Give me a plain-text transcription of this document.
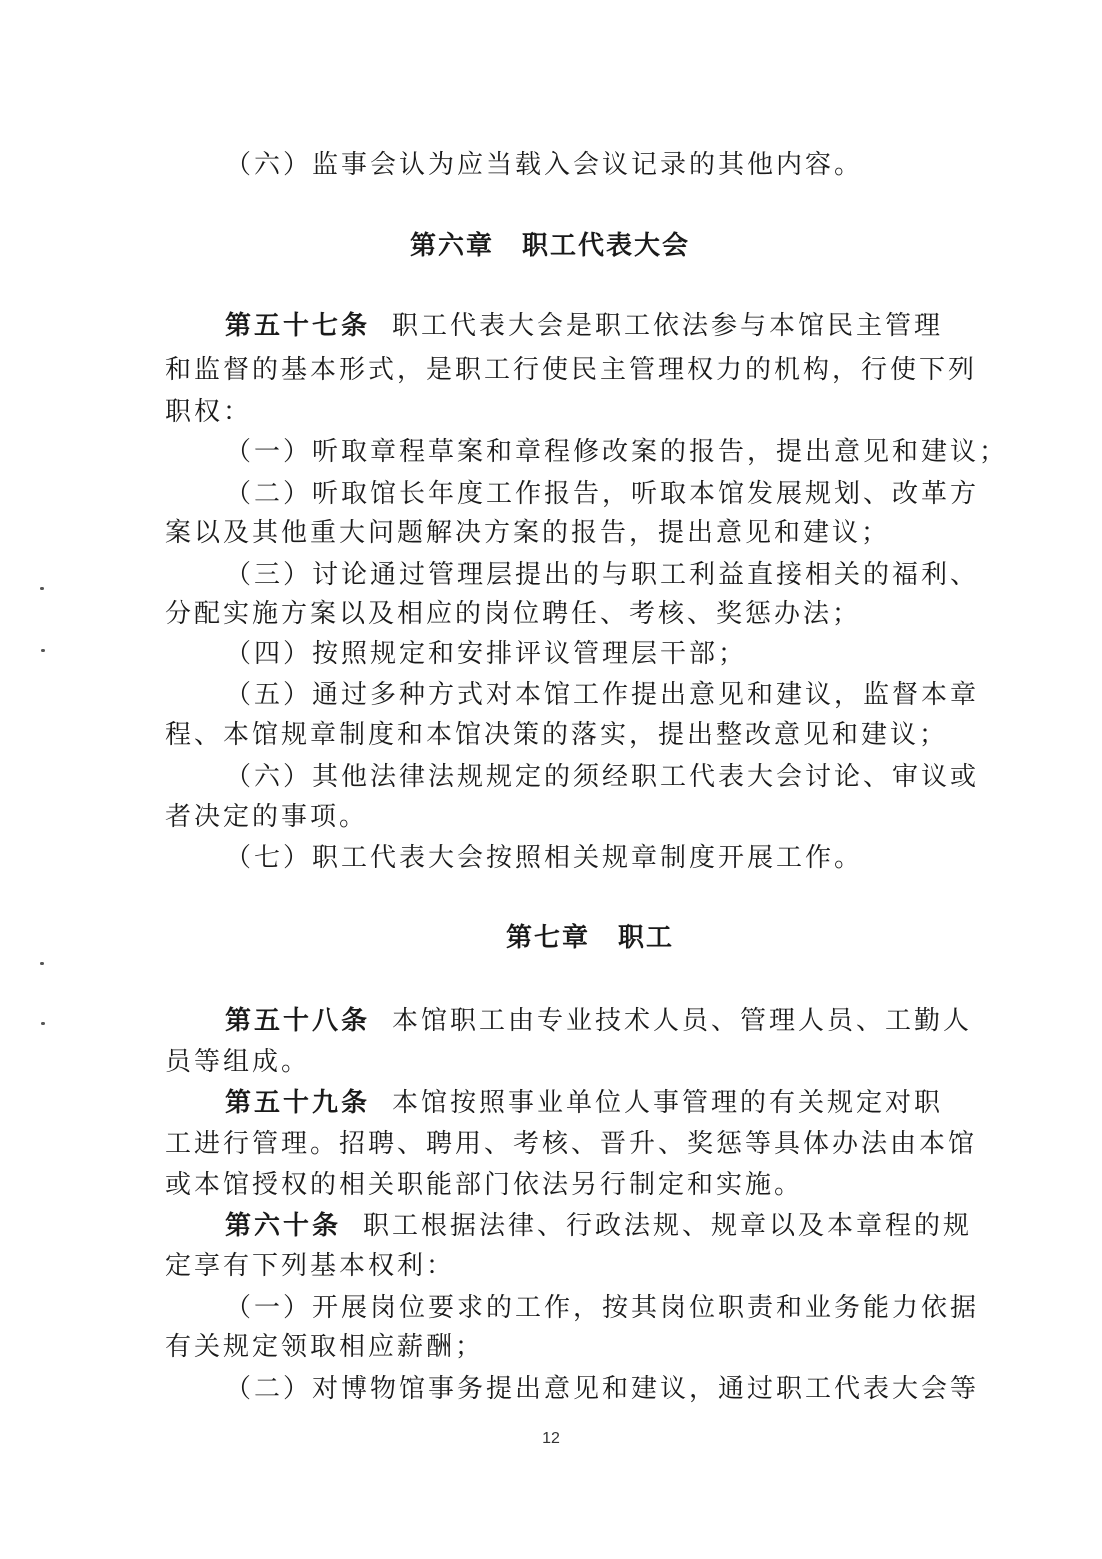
（六）监事会认为应当载入会议记录的其他内容。
第六章　职工代表大会
第五十七条 职工代表大会是职工依法参与本馆民主管理
和监督的基本形式，是职工行使民主管理权力的机构，行使下列
职权：
（一）听取章程草案和章程修改案的报告，提出意见和建议；
（二）听取馆长年度工作报告，听取本馆发展规划、改革方
案以及其他重大问题解决方案的报告，提出意见和建议；
（三）讨论通过管理层提出的与职工利益直接相关的福利、
分配实施方案以及相应的岗位聘任、考核、奖惩办法；
（四）按照规定和安排评议管理层干部；
（五）通过多种方式对本馆工作提出意见和建议，监督本章
程、本馆规章制度和本馆决策的落实，提出整改意见和建议；
（六）其他法律法规规定的须经职工代表大会讨论、审议或
者决定的事项。
（七）职工代表大会按照相关规章制度开展工作。
第七章　职工
第五十八条 本馆职工由专业技术人员、管理人员、工勤人
员等组成。
第五十九条 本馆按照事业单位人事管理的有关规定对职
工进行管理。招聘、聘用、考核、晋升、奖惩等具体办法由本馆
或本馆授权的相关职能部门依法另行制定和实施。
第六十条 职工根据法律、行政法规、规章以及本章程的规
定享有下列基本权利：
（一）开展岗位要求的工作，按其岗位职责和业务能力依据
有关规定领取相应薪酬；
（二）对博物馆事务提出意见和建议，通过职工代表大会等
12
